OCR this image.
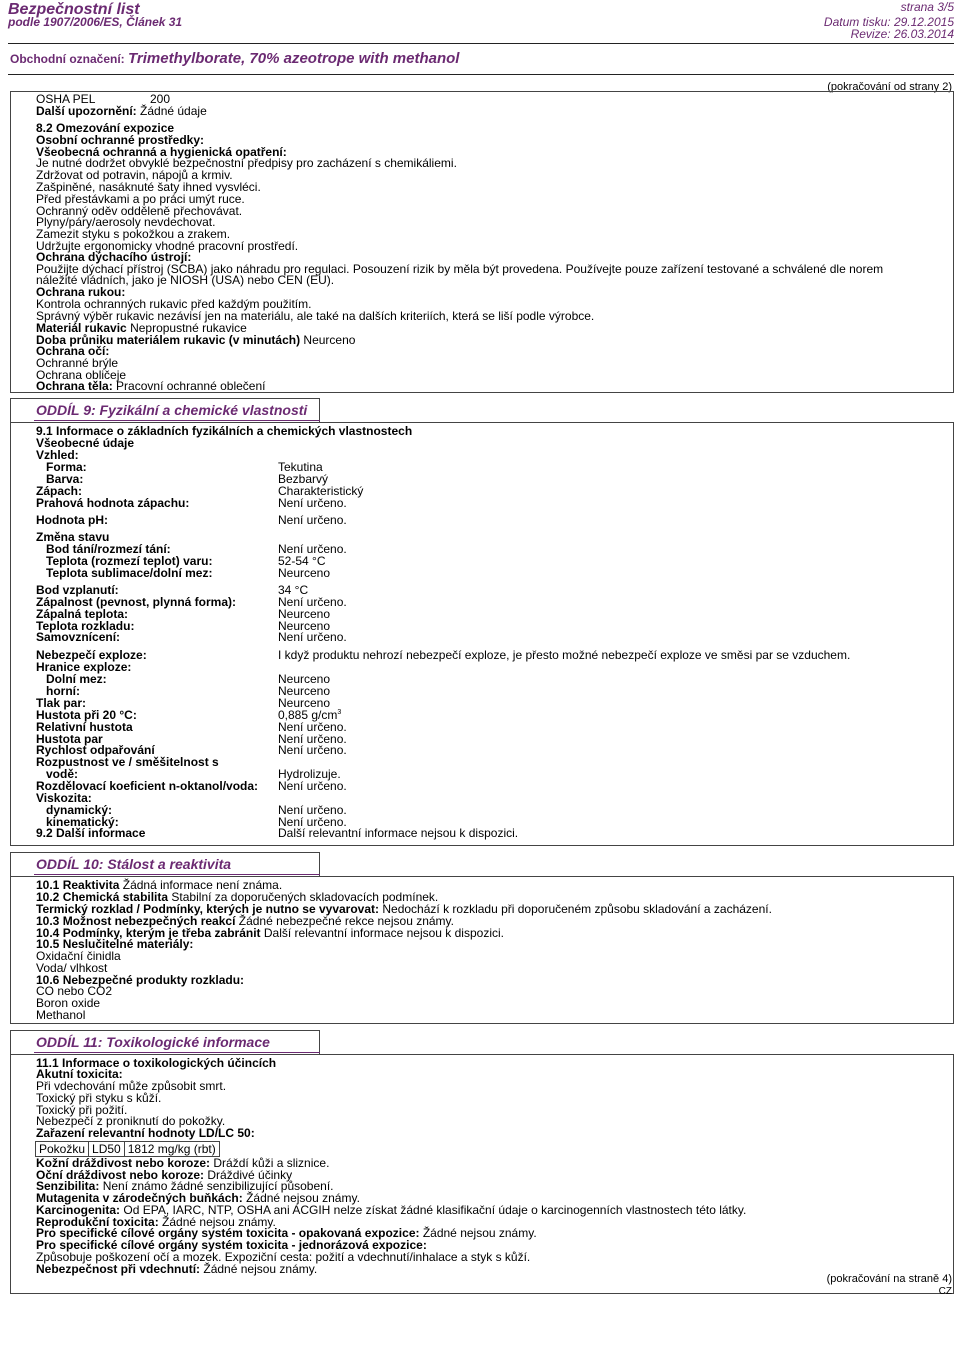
Bezpečnostní list
podle 1907/2006/ES, Článek 31
strana 3/5
Datum tisku: 29.12.2015
Revize: 26.03.2014
Obchodní označení: Trimethylborate, 70% azeotrope with methanol
(pokračování od strany 2)
OSHA PEL	200
Další upozornění: Žádné údaje
8.2 Omezování expozice
Osobní ochranné prostředky:
Všeobecná ochranná a hygienická opatření:
Je nutné dodržet obvyklé bezpečnostní předpisy pro zacházení s chemikáliemi.
Zdržovat od potravin, nápojů a krmiv.
Zašpiněné, nasáknuté šaty ihned vysvléci.
Před přestávkami a po práci umýt ruce.
Ochranný oděv odděleně přechovávat.
Plyny/páry/aerosoly nevdechovat.
Zamezit styku s pokožkou a zrakem.
Udržujte ergonomicky vhodné pracovní prostředí.
Ochrana dýchacího ústrojí:
Použijte dýchací přístroj (SCBA) jako náhradu pro regulaci. Posouzení rizik by měla být provedena. Používejte pouze zařízení testované a schválené dle norem
náležité vládních, jako je NIOSH (USA) nebo CEN (EU).
Ochrana rukou:
Kontrola ochranných rukavic před každým použitím.
Správný výběr rukavic nezávisí jen na materiálu, ale také na dalších kriteriích, která se liší podle výrobce.
Materiál rukavic Nepropustné rukavice
Doba průniku materiálem rukavic (v minutách) Neurceno
Ochrana očí:
Ochranné brýle
Ochrana obličeje
Ochrana těla: Pracovní ochranné oblečení
ODDÍL 9: Fyzikální a chemické vlastnosti
9.1 Informace o základních fyzikálních a chemických vlastnostech
Všeobecné údaje
Vzhled:
Forma:	Tekutina
Barva:	Bezbarvý
Zápach:	Charakteristický
Prahová hodnota zápachu:	Není určeno.
Hodnota pH:	Není určeno.
Změna stavu
Bod tání/rozmezí tání:	Není určeno.
Teplota (rozmezí teplot) varu:	52-54 °C
Teplota sublimace/dolní mez:	Neurceno
Bod vzplanutí:	34 °C
Zápalnost (pevnost, plynná forma):	Není určeno.
Zápalná teplota:	Neurceno
Teplota rozkladu:	Neurceno
Samovznícení:	Není určeno.
Nebezpečí exploze:	I když produktu nehrozí nebezpečí exploze, je přesto možné nebezpečí exploze ve směsi par se vzduchem.
Hranice exploze:
Dolní mez:	Neurceno
horní:	Neurceno
Tlak par:	Neurceno
Hustota při 20 °C:	0,885 $g/cm^3$
Relativní hustota	Není určeno.
Hustota par	Není určeno.
Rychlost odpařování	Není určeno.
Rozpustnost ve / směšitelnost s
vodě:	Hydrolizuje.
Rozdělovací koeficient n-oktanol/voda: Není určeno.
Viskozita:
dynamický:	Není určeno.
kinematický:	Není určeno.
9.2 Další informace	Další relevantní informace nejsou k dispozici.
ODDÍL 10: Stálost a reaktivita
10.1 Reaktivita Žádná informace není známa.
10.2 Chemická stabilita Stabilní za doporučených skladovacích podmínek.
Termický rozklad / Podmínky, kterých je nutno se vyvarovat: Nedochází k rozkladu při doporučeném způsobu skladování a zacházení.
10.3 Možnost nebezpečných reakcí Žádné nebezpečné rekce nejsou známy.
10.4 Podmínky, kterým je třeba zabránit Další relevantní informace nejsou k dispozici.
10.5 Neslučitelné materiály:
Oxidační činidla
Voda/ vlhkost
10.6 Nebezpečné produkty rozkladu:
CO nebo CO2
Boron oxide
Methanol
ODDÍL 11: Toxikologické informace
11.1 Informace o toxikologických účincích
Akutní toxicita:
Při vdechování může způsobit smrt.
Toxický při styku s kůží.
Toxický při požití.
Nebezpečí z proniknutí do pokožky.
Zařazení relevantní hodnoty LD/LC 50:
Pokožku	LD50	1812 mg/kg (rbt)
Kožní dráždivost nebo koroze: Dráždí kůži a sliznice.
Oční dráždivost nebo koroze: Dráždivé účinky
Senzibilita: Není známo žádné senzibilizující působení.
Mutagenita v zárodečných buňkách: Žádné nejsou známy.
Karcinogenita: Od EPA, IARC, NTP, OSHA ani ACGIH nelze získat žádné klasifikační údaje o karcinogenních vlastnostech této látky.
Reprodukční toxicita: Žádné nejsou známy.
Pro specifické cílové orgány systém toxicita - opakovaná expozice: Žádné nejsou známy.
Pro specifické cílové orgány systém toxicita - jednorázová expozice:
Způsobuje poškození očí a mozek. Expoziční cesta: požití a vdechnutí/inhalace a styk s kůží.
Nebezpečnost při vdechnutí: Žádné nejsou známy.
(pokračování na straně 4)
CZ
